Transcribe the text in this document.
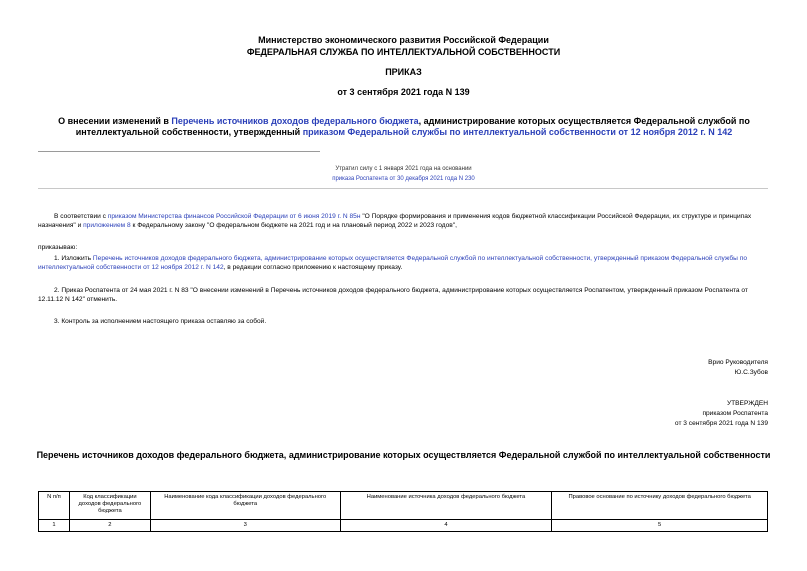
Министерство экономического развития Российской Федерации
ФЕДЕРАЛЬНАЯ СЛУЖБА ПО ИНТЕЛЛЕКТУАЛЬНОЙ СОБСТВЕННОСТИ
ПРИКАЗ
от 3 сентября 2021 года N 139
О внесении изменений в Перечень источников доходов федерального бюджета, администрирование которых осуществляется Федеральной службой по интеллектуальной собственности, утвержденный приказом Федеральной службы по интеллектуальной собственности от 12 ноября 2012 г. N 142
Утратил силу с 1 января 2021 года на основании
приказа Роспатента от 30 декабря 2021 года N 230
В соответствии с приказом Министерства финансов Российской Федерации от 6 июня 2019 г. N 85н "О Порядке формирования и применения кодов бюджетной классификации Российской Федерации, их структуре и принципах назначения" и приложением 8 к Федеральному закону "О федеральном бюджете на 2021 год и на плановый период 2022 и 2023 годов",
приказываю:
1. Изложить Перечень источников доходов федерального бюджета, администрирование которых осуществляется Федеральной службой по интеллектуальной собственности, утвержденный приказом Федеральной службы по интеллектуальной собственности от 12 ноября 2012 г. N 142, в редакции согласно приложению к настоящему приказу.
2. Приказ Роспатента от 24 мая 2021 г. N 83 "О внесении изменений в Перечень источников доходов федерального бюджета, администрирование которых осуществляется Роспатентом, утвержденный приказом Роспатента от 12.11.12 N 142" отменить.
3. Контроль за исполнением настоящего приказа оставляю за собой.
Врио Руководителя
Ю.С.Зубов
УТВЕРЖДЕН
приказом Роспатента
от 3 сентября 2021 года N 139
Перечень источников доходов федерального бюджета, администрирование которых осуществляется Федеральной службой по интеллектуальной собственности
N п/п	Код классификации доходов федерального бюджета	Наименование кода классификации доходов федерального бюджета	Наименование источника доходов федерального бюджета	Правовое основание по источнику доходов федерального бюджета
1	2	3	4	5
